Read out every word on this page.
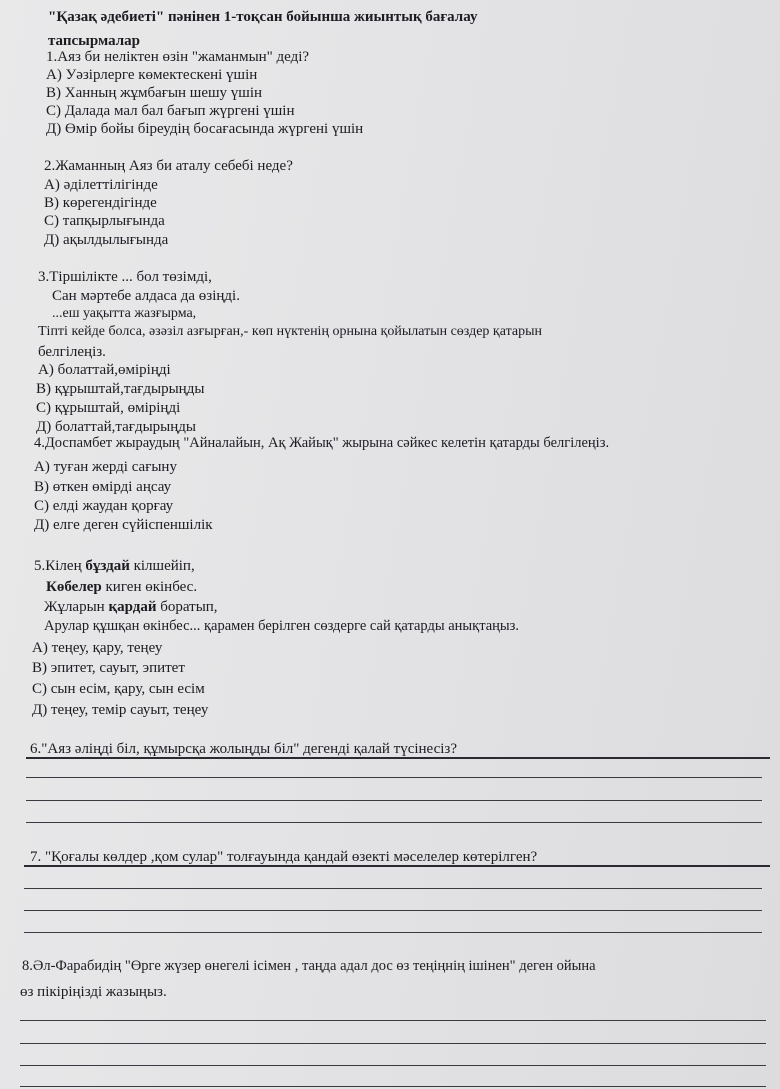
"Қазақ әдебиеті" пәнінен 1-тоқсан бойынша жиынтық бағалау
тапсырмалар
1.Аяз би неліктен өзін "жаманмын" деді?
А) Уәзірлерге көмектескені үшін
В) Ханның жұмбағын шешу үшін
С) Далада мал бал бағып жүргені үшін
Д) Өмір бойы біреудің босағасында жүргені үшін
2.Жаманның Аяз би аталу себебі неде?
А) әділеттілігінде
В) көрегендігінде
С) тапқырлығында
Д) ақылдылығында
3.Тіршілікте ... бол төзімді,
Сан мәртебе алдаса да өзіңді.
...еш уақытта жазғырма,
Тіпті кейде болса, әзәзіл азғырған,- көп нүктенің орнына қойылатын сөздер қатарын
белгілеңіз.
А) болаттай,өміріңді
В) құрыштай,тағдырыңды
С) құрыштай, өміріңді
Д) болаттай,тағдырыңды
4.Доспамбет жыраудың "Айналайын, Ақ Жайық" жырына сәйкес келетін қатарды белгілеңіз.
А) туған жерді сағыну
В) өткен өмірді аңсау
С) елді жаудан қорғау
Д) елге деген сүйіспеншілік
5.Кілең бұздай кілшейіп,
Көбелер киген өкінбес.
Жұларын қардай боратып,
Арулар құшқан өкінбес... қарамен берілген сөздерге сай қатарды анықтаңыз.
А) теңеу, қару, теңеу
В) эпитет, сауыт, эпитет
С) сын есім, қару, сын есім
Д) теңеу, темір сауыт, теңеу
6."Аяз әліңді біл, құмырсқа жолыңды біл" дегенді қалай түсінесіз?
7. "Қоғалы көлдер ,қом сулар" толғауында қандай өзекті мәселелер көтерілген?
8.Әл-Фарабидің "Өрге жүзер өнегелі ісімен , таңда адал дос өз теңіңнің ішінен" деген ойына
өз пікіріңізді жазыңыз.
